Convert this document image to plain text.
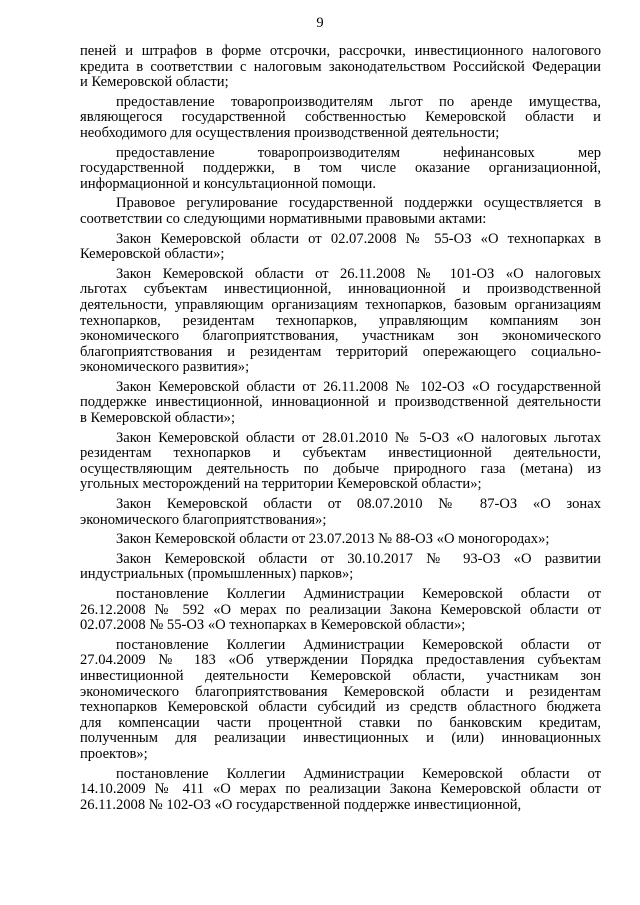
9
пеней и штрафов в форме отсрочки, рассрочки, инвестиционного налогового
кредита в соответствии с налоговым законодательством Российской Федерации
и Кемеровской области;
предоставление товаропроизводителям льгот по аренде имущества,
являющегося государственной собственностью Кемеровской области и
необходимого для осуществления производственной деятельности;
предоставление товаропроизводителям нефинансовых мер
государственной поддержки, в том числе оказание организационной,
информационной и консультационной помощи.
Правовое регулирование государственной поддержки осуществляется в
соответствии со следующими нормативными правовыми актами:
Закон Кемеровской области от 02.07.2008 № 55-ОЗ «О технопарках в
Кемеровской области»;
Закон Кемеровской области от 26.11.2008 № 101-ОЗ «О налоговых
льготах субъектам инвестиционной, инновационной и производственной
деятельности, управляющим организациям технопарков, базовым организациям
технопарков, резидентам технопарков, управляющим компаниям зон
экономического благоприятствования, участникам зон экономического
благоприятствования и резидентам территорий опережающего социально-
экономического развития»;
Закон Кемеровской области от 26.11.2008 № 102-ОЗ «О государственной
поддержке инвестиционной, инновационной и производственной деятельности
в Кемеровской области»;
Закон Кемеровской области от 28.01.2010 № 5-ОЗ «О налоговых льготах
резидентам технопарков и субъектам инвестиционной деятельности,
осуществляющим деятельность по добыче природного газа (метана) из
угольных месторождений на территории Кемеровской области»;
Закон Кемеровской области от 08.07.2010 № 87-ОЗ «О зонах
экономического благоприятствования»;
Закон Кемеровской области от 23.07.2013 № 88-ОЗ «О моногородах»;
Закон Кемеровской области от 30.10.2017 № 93-ОЗ «О развитии
индустриальных (промышленных) парков»;
постановление Коллегии Администрации Кемеровской области от
26.12.2008 № 592 «О мерах по реализации Закона Кемеровской области от
02.07.2008 № 55-ОЗ «О технопарках в Кемеровской области»;
постановление Коллегии Администрации Кемеровской области от
27.04.2009 № 183 «Об утверждении Порядка предоставления субъектам
инвестиционной деятельности Кемеровской области, участникам зон
экономического благоприятствования Кемеровской области и резидентам
технопарков Кемеровской области субсидий из средств областного бюджета
для компенсации части процентной ставки по банковским кредитам,
полученным для реализации инвестиционных и (или) инновационных
проектов»;
постановление Коллегии Администрации Кемеровской области от
14.10.2009 № 411 «О мерах по реализации Закона Кемеровской области от
26.11.2008 № 102-ОЗ «О государственной поддержке инвестиционной,
